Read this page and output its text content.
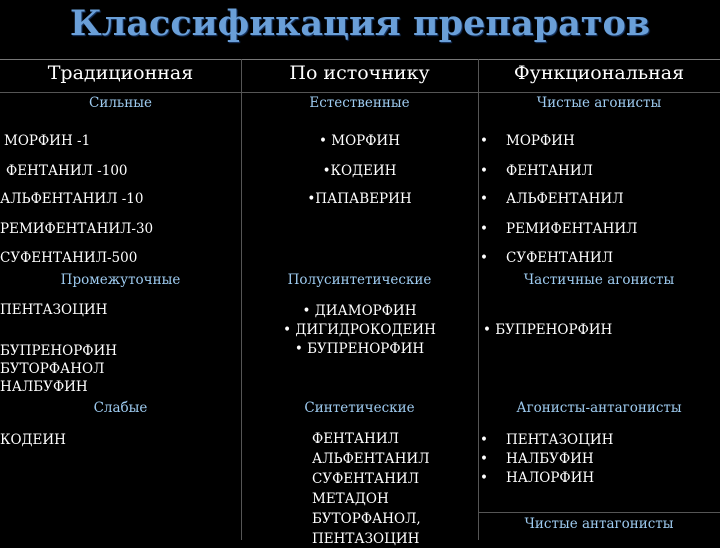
Классификация препаратов
Традиционная	По источнику	Функциональная
Сильные
МОРФИН -1
ФЕНТАНИЛ -100
АЛЬФЕНТАНИЛ -10
РЕМИФЕНТАНИЛ-30
СУФЕНТАНИЛ-500
Промежуточные
ПЕНТАЗОЦИН
БУПРЕНОРФИН
БУТОРФАНОЛ
НАЛБУФИН
Слабые
КОДЕИН
Естественные
• МОРФИН
•КОДЕИН
•ПАПАВЕРИН
Полусинтетические
• ДИАМОРФИН
• ДИГИДРОКОДЕИН
• БУПРЕНОРФИН
Синтетические
ФЕНТАНИЛ
АЛЬФЕНТАНИЛ
СУФЕНТАНИЛ
МЕТАДОН
БУТОРФАНОЛ,
ПЕНТАЗОЦИН
Чистые агонисты
• МОРФИН
• ФЕНТАНИЛ
• АЛЬФЕНТАНИЛ
• РЕМИФЕНТАНИЛ
• СУФЕНТАНИЛ
Частичные агонисты
• БУПРЕНОРФИН
Агонисты-антагонисты
• ПЕНТАЗОЦИН
• НАЛБУФИН
• НАЛОРФИН
Чистые антагонисты
